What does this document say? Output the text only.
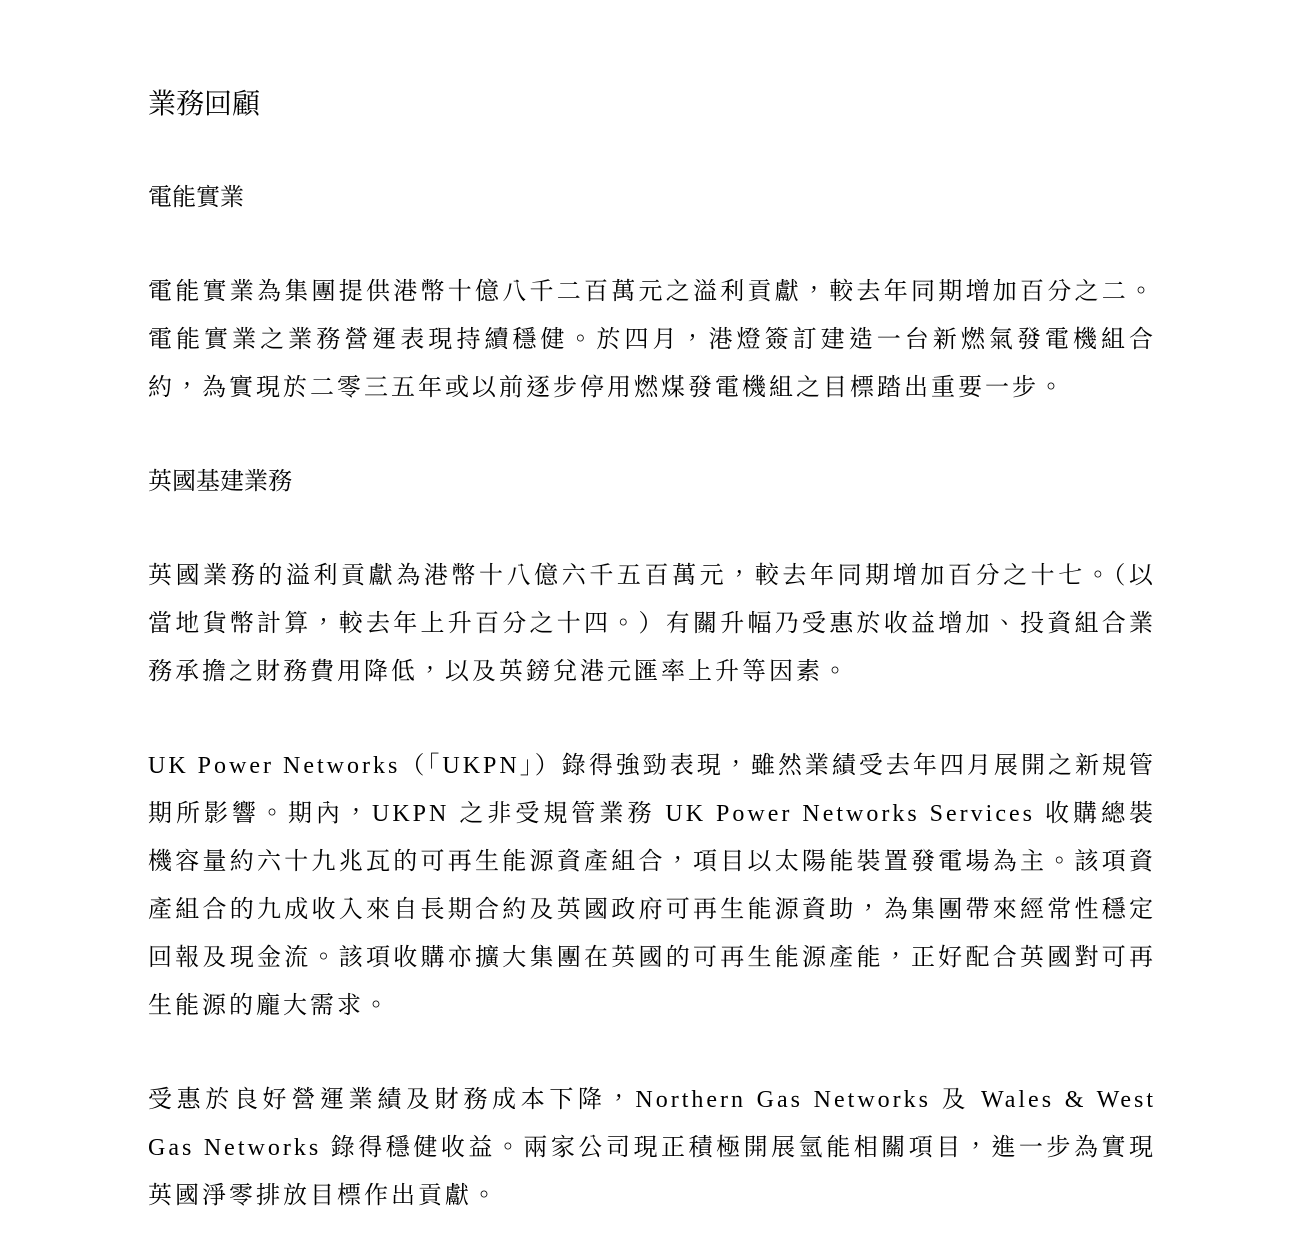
業務回顧
電能實業

電能實業為集團提供港幣十億八千二百萬元之溢利貢獻，較去年同期增加百分之二。電能實業之業務營運表現持續穩健。於四月，港燈簽訂建造一台新燃氣發電機組合約，為實現於二零三五年或以前逐步停用燃煤發電機組之目標踏出重要一步。

英國基建業務

英國業務的溢利貢獻為港幣十八億六千五百萬元，較去年同期增加百分之十七。（以當地貨幣計算，較去年上升百分之十四。）有關升幅乃受惠於收益增加、投資組合業務承擔之財務費用降低，以及英鎊兌港元匯率上升等因素。

UK Power Networks（「UKPN」）錄得強勁表現，雖然業績受去年四月展開之新規管期所影響。期內，UKPN 之非受規管業務 UK Power Networks Services 收購總裝機容量約六十九兆瓦的可再生能源資產組合，項目以太陽能裝置發電場為主。該項資產組合的九成收入來自長期合約及英國政府可再生能源資助，為集團帶來經常性穩定回報及現金流。該項收購亦擴大集團在英國的可再生能源產能，正好配合英國對可再生能源的龐大需求。

受惠於良好營運業績及財務成本下降，Northern Gas Networks 及 Wales & West Gas Networks 錄得穩健收益。兩家公司現正積極開展氫能相關項目，進一步為實現英國淨零排放目標作出貢獻。
